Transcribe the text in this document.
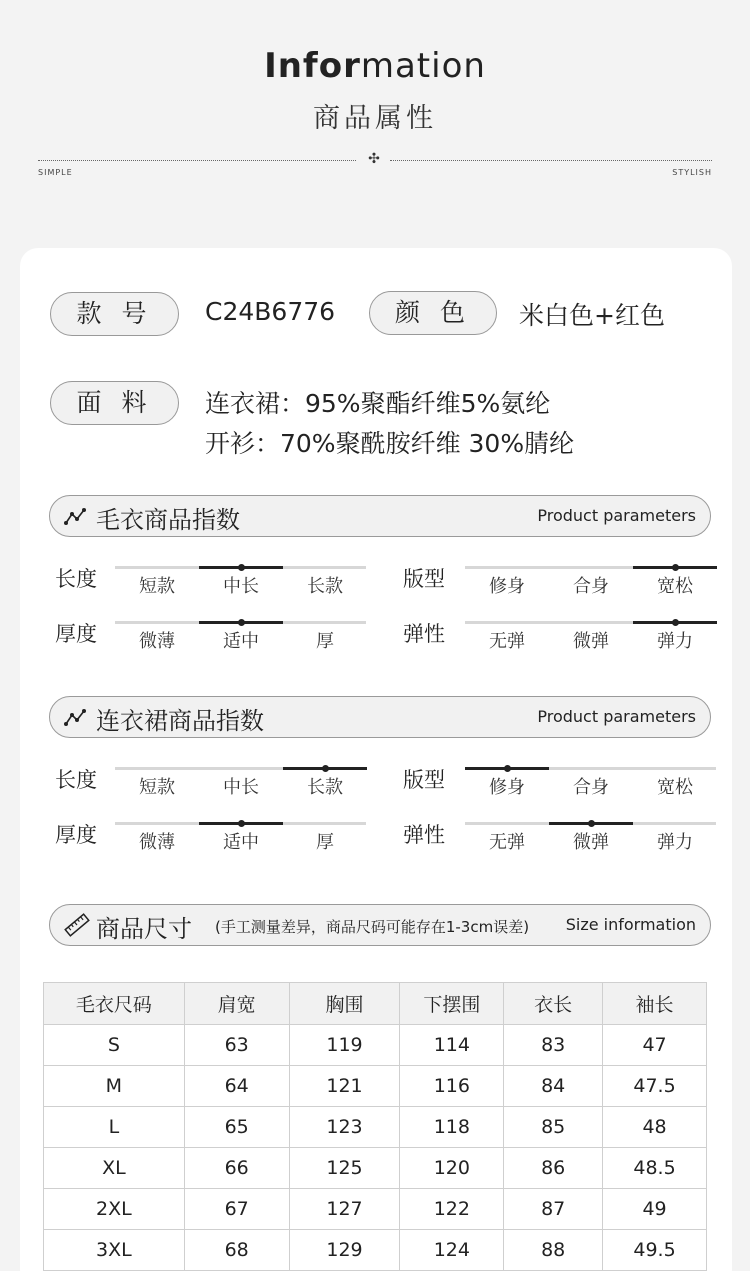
Information
商品属性
✣
SIMPLE	STYLISH
款 号	C24B6776	颜 色	米白色+红色
面 料	连衣裙：95%聚酯纤维5%氨纶
开衫：70%聚酰胺纤维 30%腈纶
毛衣商品指数	Product parameters
长度	短款	中长	长款	版型	修身	合身	宽松
厚度	微薄	适中	厚	弹性	无弹	微弹	弹力
连衣裙商品指数	Product parameters
长度	短款	中长	长款	版型	修身	合身	宽松
厚度	微薄	适中	厚	弹性	无弹	微弹	弹力
商品尺寸 (手工测量差异，商品尺码可能存在1-3cm误差) Size information
毛衣尺码	肩宽	胸围	下摆围	衣长	袖长
S	63	119	114	83	47
M	64	121	116	84	47.5
L	65	123	118	85	48
XL	66	125	120	86	48.5
2XL	67	127	122	87	49
3XL	68	129	124	88	49.5
